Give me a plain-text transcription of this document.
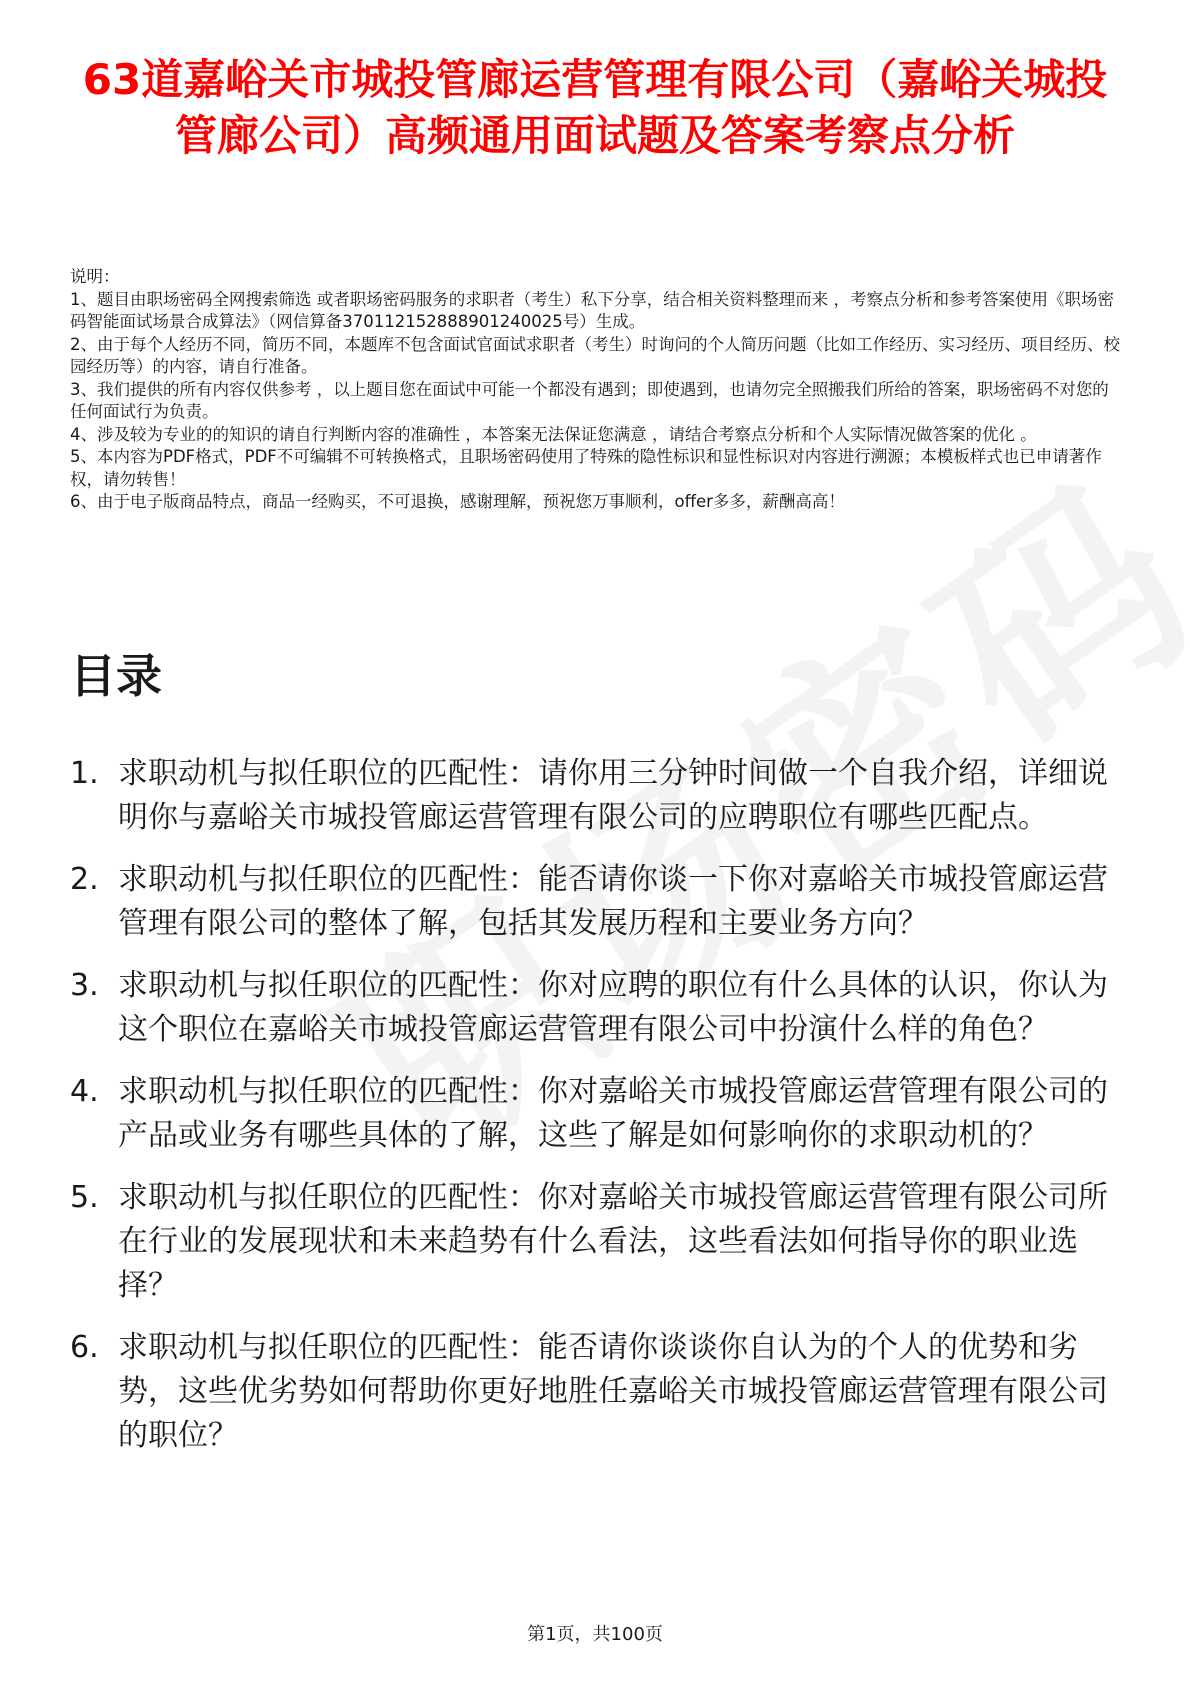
63道嘉峪关市城投管廊运营管理有限公司（嘉峪关城投管廊公司）高频通用面试题及答案考察点分析

说明：

1、题目由职场密码全网搜索筛选 或者职场密码服务的求职者（考生）私下分享，结合相关资料整理而来 ，考察点分析和参考答案使用《职场密码智能面试场景合成算法》（网信算备370112152888901240025号）生成。

2、由于每个人经历不同，简历不同，本题库不包含面试官面试求职者（考生）时询问的个人简历问题（比如工作经历、实习经历、项目经历、校园经历等）的内容，请自行准备。

3、我们提供的所有内容仅供参考 ，以上题目您在面试中可能一个都没有遇到；即使遇到，也请勿完全照搬我们所给的答案，职场密码不对您的任何面试行为负责。

4、涉及较为专业的的知识的请自行判断内容的准确性 ，本答案无法保证您满意 ，请结合考察点分析和个人实际情况做答案的优化 。

5、本内容为PDF格式，PDF不可编辑不可转换格式，且职场密码使用了特殊的隐性标识和显性标识对内容进行溯源；本模板样式也已申请著作权，请勿转售！

6、由于电子版商品特点，商品一经购买，不可退换，感谢理解，预祝您万事顺利，offer多多，薪酬高高！

目录
1. 求职动机与拟任职位的匹配性：请你用三分钟时间做一个自我介绍，详细说明你与嘉峪关市城投管廊运营管理有限公司的应聘职位有哪些匹配点。
2. 求职动机与拟任职位的匹配性：能否请你谈一下你对嘉峪关市城投管廊运营管理有限公司的整体了解，包括其发展历程和主要业务方向？
3. 求职动机与拟任职位的匹配性：你对应聘的职位有什么具体的认识，你认为这个职位在嘉峪关市城投管廊运营管理有限公司中扮演什么样的角色？
4. 求职动机与拟任职位的匹配性：你对嘉峪关市城投管廊运营管理有限公司的产品或业务有哪些具体的了解，这些了解是如何影响你的求职动机的？
5. 求职动机与拟任职位的匹配性：你对嘉峪关市城投管廊运营管理有限公司所在行业的发展现状和未来趋势有什么看法，这些看法如何指导你的职业选择？
6. 求职动机与拟任职位的匹配性：能否请你谈谈你自认为的个人的优势和劣势，这些优劣势如何帮助你更好地胜任嘉峪关市城投管廊运营管理有限公司的职位？
第1页，共100页
